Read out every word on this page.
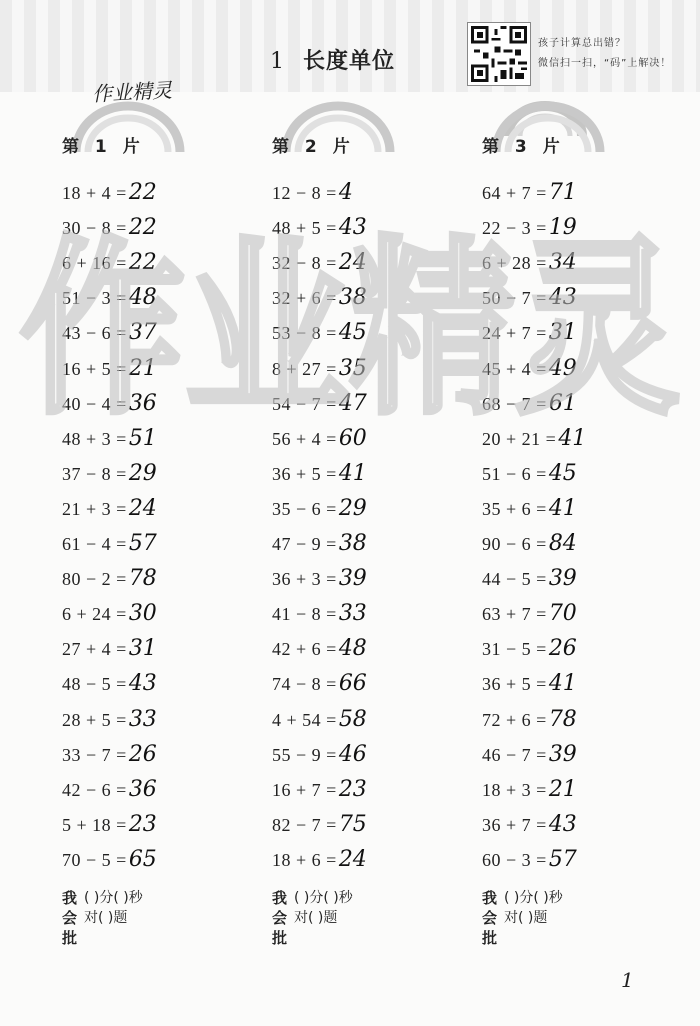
1 长度单位
孩子计算总出错？
微信扫一扫，“码”上解决！
作业精灵
第 1 片
18 + 4 =22
30 − 8 =22
6 + 16 =22
51 − 3 =48
43 − 6 =37
16 + 5 =21
40 − 4 =36
48 + 3 =51
37 − 8 =29
21 + 3 =24
61 − 4 =57
80 − 2 =78
6 + 24 =30
27 + 4 =31
48 − 5 =43
28 + 5 =33
33 − 7 =26
42 − 6 =36
5 + 18 =23
70 − 5 =65
第 2 片
12 − 8 =4
48 + 5 =43
32 − 8 =24
32 + 6 =38
53 − 8 =45
8 + 27 =35
54 − 7 =47
56 + 4 =60
36 + 5 =41
35 − 6 =29
47 − 9 =38
36 + 3 =39
41 − 8 =33
42 + 6 =48
74 − 8 =66
4 + 54 =58
55 − 9 =46
16 + 7 =23
82 − 7 =75
18 + 6 =24
第 3 片
64 + 7 =71
22 − 3 =19
6 + 28 =34
50 − 7 =43
24 + 7 =31
45 + 4 =49
68 − 7 =61
20 + 21 =41
51 − 6 =45
35 + 6 =41
90 − 6 =84
44 − 5 =39
63 + 7 =70
31 − 5 =26
36 + 5 =41
72 + 6 =78
46 − 7 =39
18 + 3 =21
36 + 7 =43
60 − 3 =57
我 ( )分( )秒
会 对( )题
批
我 ( )分( )秒
会 对( )题
批
我 ( )分( )秒
会 对( )题
批
作业精灵
1
